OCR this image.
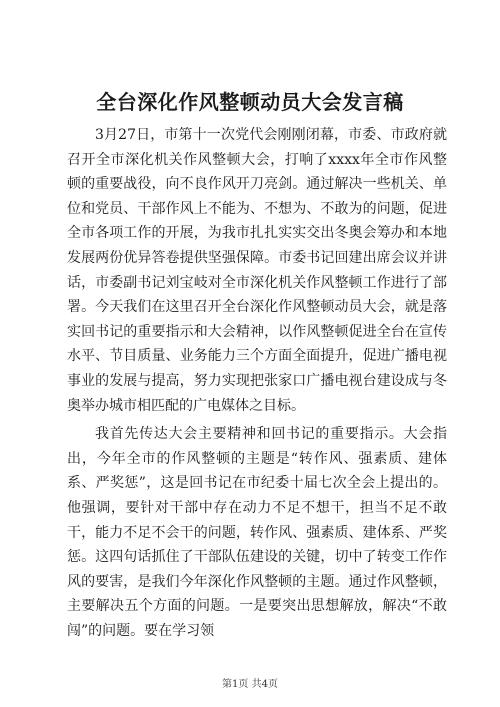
全台深化作风整顿动员大会发言稿

3月27日，市第十一次党代会刚刚闭幕，市委、市政府就召开全市深化机关作风整顿大会，打响了xxxx年全市作风整顿的重要战役，向不良作风开刀亮剑。通过解决一些机关、单位和党员、干部作风上不能为、不想为、不敢为的问题，促进全市各项工作的开展，为我市扎扎实实交出冬奥会筹办和本地发展两份优异答卷提供坚强保障。市委书记回建出席会议并讲话，市委副书记刘宝岐对全市深化机关作风整顿工作进行了部署。今天我们在这里召开全台深化作风整顿动员大会，就是落实回书记的重要指示和大会精神，以作风整顿促进全台在宣传水平、节目质量、业务能力三个方面全面提升，促进广播电视事业的发展与提高，努力实现把张家口广播电视台建设成与冬奥举办城市相匹配的广电媒体之目标。

我首先传达大会主要精神和回书记的重要指示。大会指出，今年全市的作风整顿的主题是“转作风、强素质、建体系、严奖惩”，这是回书记在市纪委十届七次全会上提出的。他强调，要针对干部中存在动力不足不想干，担当不足不敢干，能力不足不会干的问题，转作风、强素质、建体系、严奖惩。这四句话抓住了干部队伍建设的关键，切中了转变工作作风的要害，是我们今年深化作风整顿的主题。通过作风整顿，主要解决五个方面的问题。一是要突出思想解放，解决“不敢闯”的问题。要在学习领

第1页 共4页
